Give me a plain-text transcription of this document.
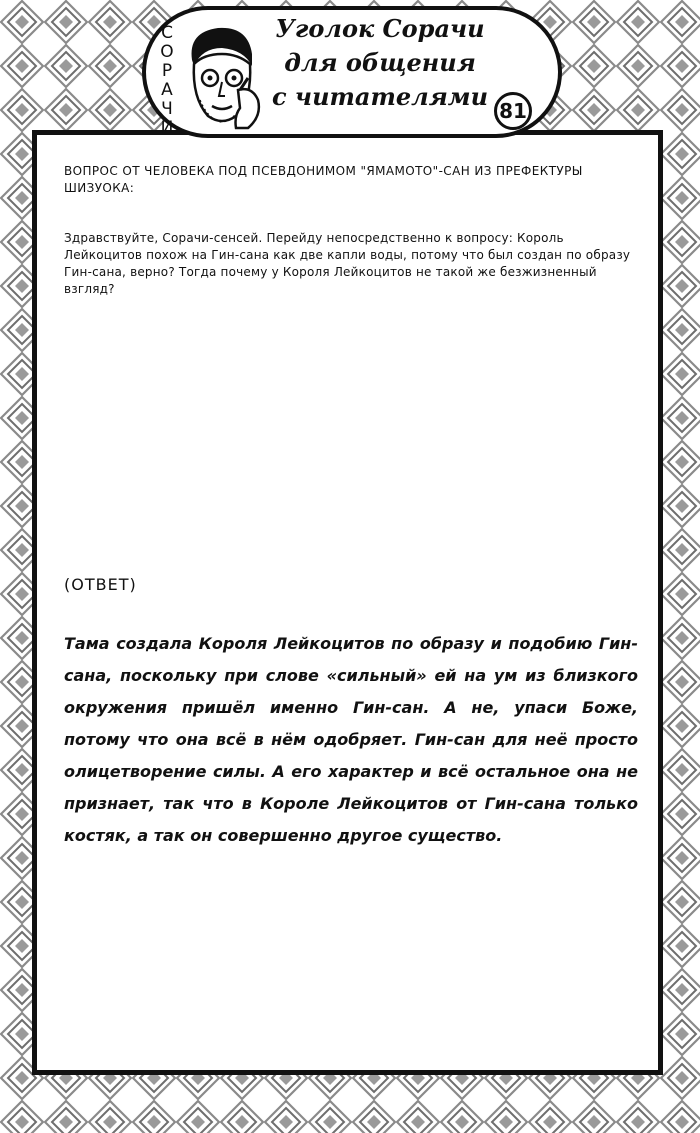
81
С
О
Р
А
Ч
И
Уголок Сорачи
для общения
с читателями
ВОПРОС ОТ ЧЕЛОВЕКА ПОД ПСЕВДОНИМОМ "ЯМАМОТО"-САН ИЗ ПРЕФЕКТУРЫ ШИЗУОКА:
Здравствуйте, Сорачи-сенсей. Перейду непосредственно к вопросу: Король Лейкоцитов похож на Гин-сана как две капли воды, потому что был создан по образу Гин-сана, верно? Тогда почему у Короля Лейкоцитов не такой же безжизненный взгляд?
(ОТВЕТ)
Тама создала Короля Лейкоцитов по образу и подобию Гин-сана, поскольку при слове «сильный» ей на ум из близкого окружения пришёл именно Гин-сан. А не, упаси Боже, потому что она всё в нём одобряет. Гин-сан для неё просто олицетворение силы. А его характер и всё остальное она не признает, так что в Короле Лейкоцитов от Гин-сана только костяк, а так он совершенно другое существо.
